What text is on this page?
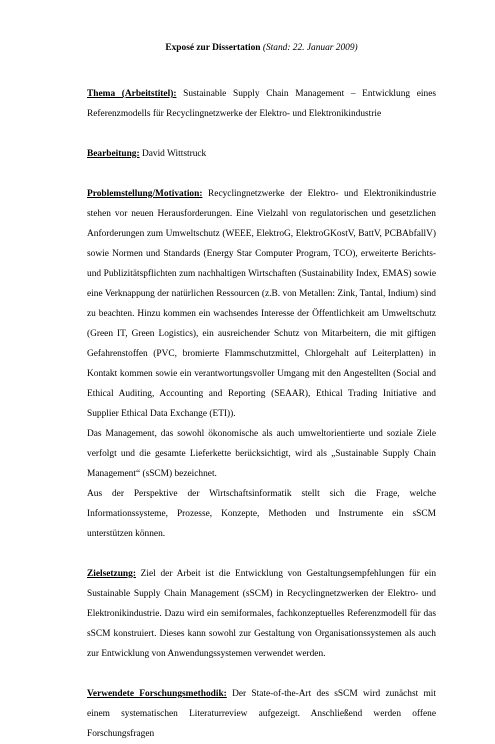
Exposé zur Dissertation (Stand: 22. Januar 2009)

Thema (Arbeitstitel): Sustainable Supply Chain Management – Entwicklung eines Referenzmodells für Recyclingnetzwerke der Elektro- und Elektronikindustrie

Bearbeitung: David Wittstruck

Problemstellung/Motivation: Recyclingnetzwerke der Elektro- und Elektronikindustrie stehen vor neuen Herausforderungen. Eine Vielzahl von regulatorischen und gesetzlichen Anforderungen zum Umweltschutz (WEEE, ElektroG, ElektroGKostV, BattV, PCBAbfallV) sowie Normen und Standards (Energy Star Computer Program, TCO), erweiterte Berichts- und Publizitätspflichten zum nachhaltigen Wirtschaften (Sustainability Index, EMAS) sowie eine Verknappung der natürlichen Ressourcen (z.B. von Metallen: Zink, Tantal, Indium) sind zu beachten. Hinzu kommen ein wachsendes Interesse der Öffentlichkeit am Umweltschutz (Green IT, Green Logistics), ein ausreichender Schutz von Mitarbeitern, die mit giftigen Gefahrenstoffen (PVC, bromierte Flammschutzmittel, Chlorgehalt auf Leiterplatten) in Kontakt kommen sowie ein verantwortungsvoller Umgang mit den Angestellten (Social and Ethical Auditing, Accounting and Reporting (SEAAR), Ethical Trading Initiative and Supplier Ethical Data Exchange (ETI)).
Das Management, das sowohl ökonomische als auch umweltorientierte und soziale Ziele verfolgt und die gesamte Lieferkette berücksichtigt, wird als „Sustainable Supply Chain Management“ (sSCM) bezeichnet.
Aus der Perspektive der Wirtschaftsinformatik stellt sich die Frage, welche Informationssysteme, Prozesse, Konzepte, Methoden und Instrumente ein sSCM unterstützen können.

Zielsetzung: Ziel der Arbeit ist die Entwicklung von Gestaltungsempfehlungen für ein Sustainable Supply Chain Management (sSCM) in Recyclingnetzwerken der Elektro- und Elektronikindustrie. Dazu wird ein semiformales, fachkonzeptuelles Referenzmodell für das sSCM konstruiert. Dieses kann sowohl zur Gestaltung von Organisationssystemen als auch zur Entwicklung von Anwendungssystemen verwendet werden.

Verwendete Forschungsmethodik: Der State-of-the-Art des sSCM wird zunächst mit einem systematischen Literaturreview aufgezeigt. Anschließend werden offene Forschungsfragen
